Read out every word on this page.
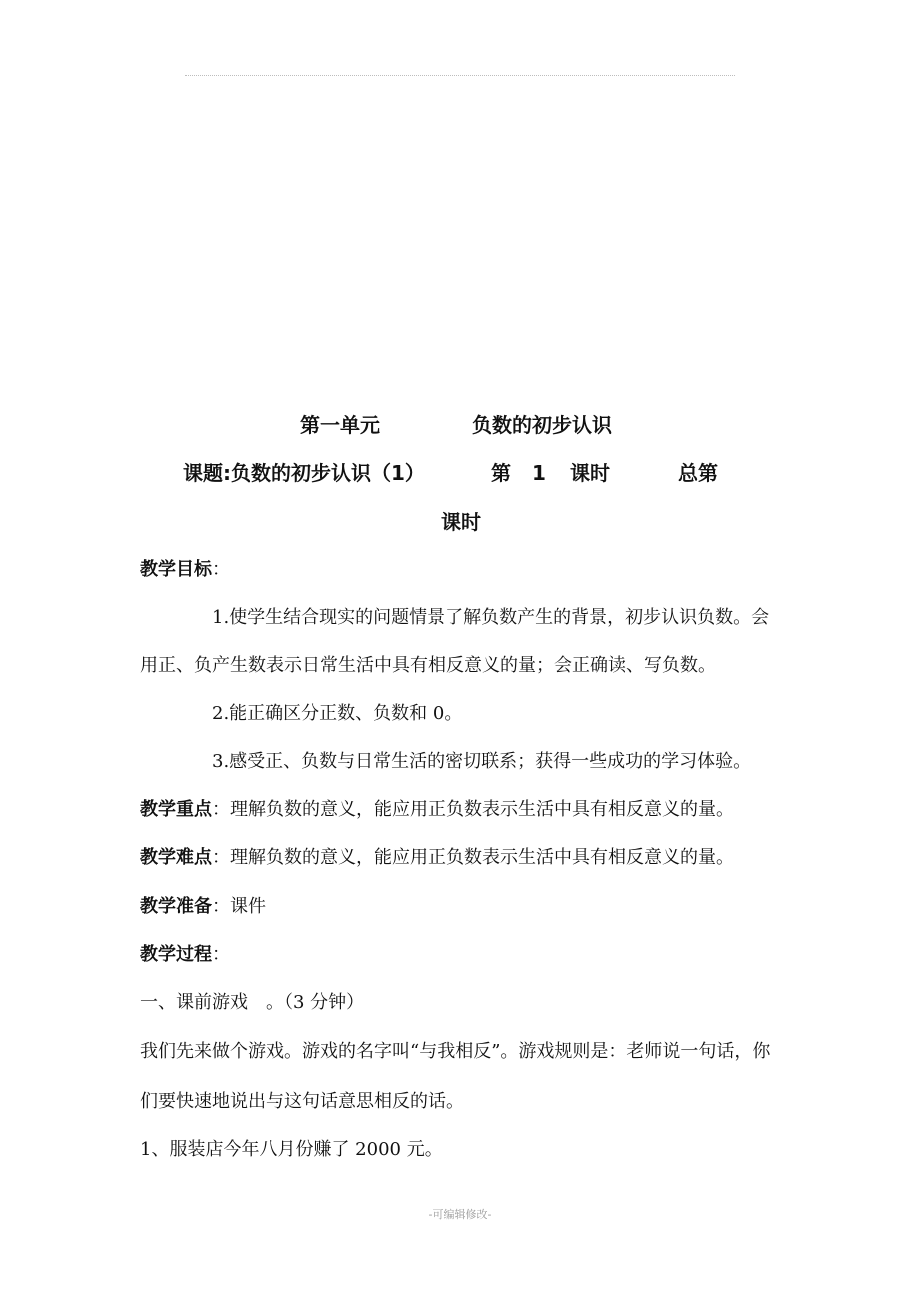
第一单元	负数的初步认识
课题:负数的初步认识（1）	第 1 课时	总第
课时
教学目标：
1.使学生结合现实的问题情景了解负数产生的背景，初步认识负数。会
用正、负产生数表示日常生活中具有相反意义的量；会正确读、写负数。
2.能正确区分正数、负数和 0。
3.感受正、负数与日常生活的密切联系；获得一些成功的学习体验。
教学重点：理解负数的意义，能应用正负数表示生活中具有相反意义的量。
教学难点：理解负数的意义，能应用正负数表示生活中具有相反意义的量。
教学准备：课件
教学过程：
一、课前游戏　。（3 分钟）
我们先来做个游戏。游戏的名字叫“与我相反”。游戏规则是：老师说一句话，你
们要快速地说出与这句话意思相反的话。
1、服装店今年八月份赚了 2000 元。
-可编辑修改-
